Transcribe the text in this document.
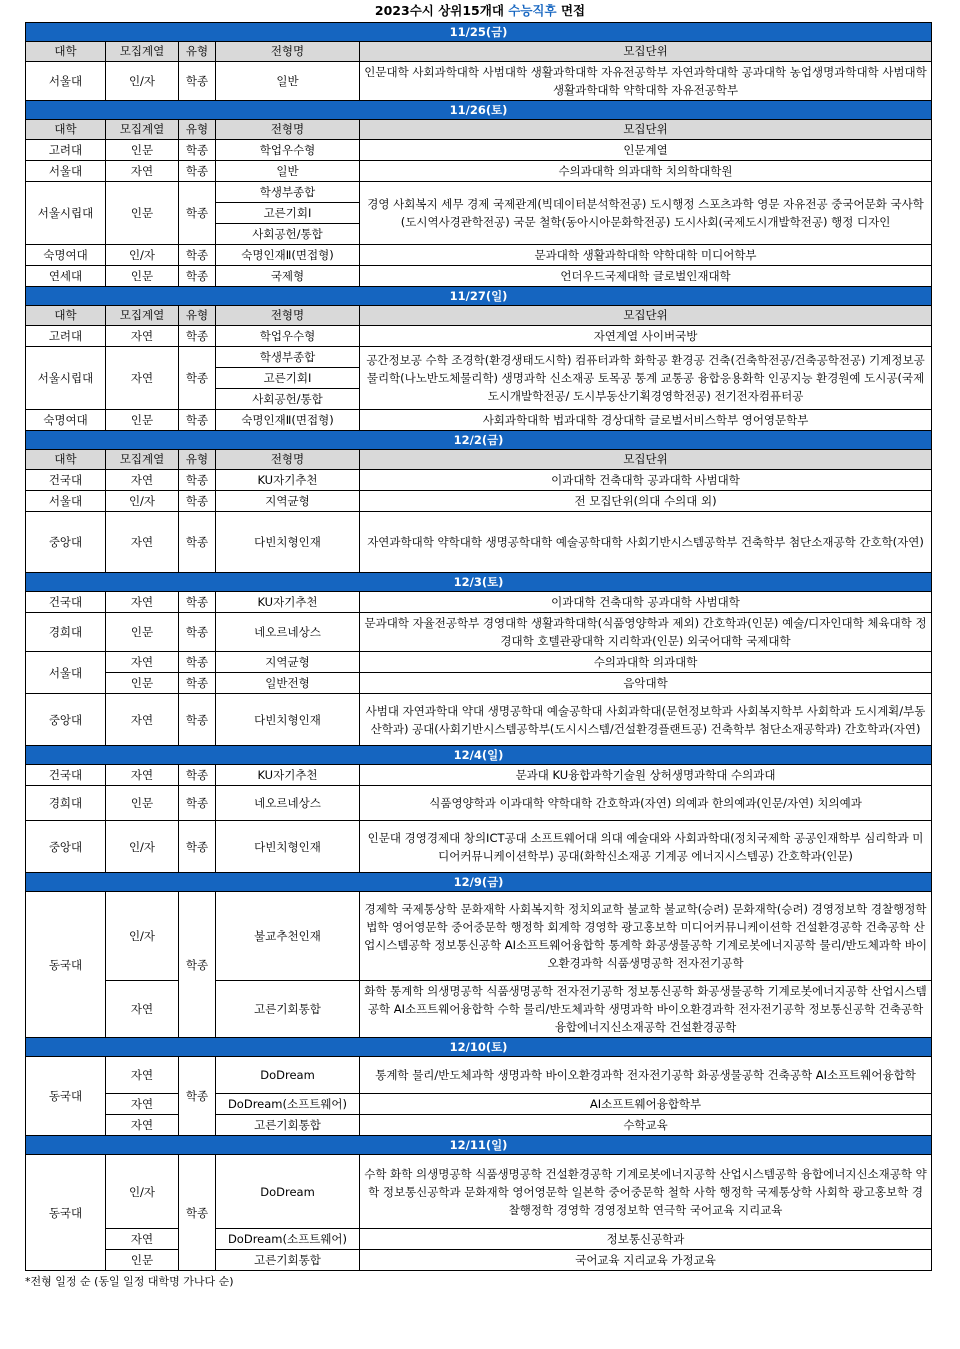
2023수시 상위15개대 수능직후 면접
11/25(금)				
대학	모집계열	유형	전형명	모집단위
서울대	인/자	학종	일반	인문대학 사회과학대학 사범대학 생활과학대학 자유전공학부 자연과학대학 공과대학 농업생명과학대학 사범대학 생활과학대학 약학대학 자유전공학부
11/26(토)				
대학	모집계열	유형	전형명	모집단위
고려대	인문	학종	학업우수형	인문계열
서울대	자연	학종	일반	수의과대학 의과대학 치의학대학원
서울시립대	인문	학종	학생부종합	경영 사회복지 세무 경제 국제관계(빅데이터분석학전공) 도시행정 스포츠과학 영문 자유전공 중국어문화 국사학(도시역사경관학전공) 국문 철학(동아시아문화학전공) 도시사회(국제도시개발학전공) 행정 디자인
			고른기회Ⅰ	
			사회공헌/통합	
숙명여대	인/자	학종	숙명인재Ⅱ(면접형)	문과대학 생활과학대학 약학대학 미디어학부
연세대	인문	학종	국제형	언더우드국제대학 글로벌인재대학
11/27(일)				
대학	모집계열	유형	전형명	모집단위
고려대	자연	학종	학업우수형	자연계열 사이버국방
서울시립대	자연	학종	학생부종합	공간정보공 수학 조경학(환경생태도시학) 컴퓨터과학 화학공 환경공 건축(건축학전공/건축공학전공) 기계정보공 물리학(나노반도체물리학) 생명과학 신소재공 토목공 통계 교통공 융합응용화학 인공지능 환경원예 도시공(국제도시개발학전공/ 도시부동산기획경영학전공) 전기전자컴퓨터공
			고른기회Ⅰ	
			사회공헌/통합	
숙명여대	인문	학종	숙명인재Ⅱ(면접형)	사회과학대학 법과대학 경상대학 글로벌서비스학부 영어영문학부
12/2(금)				
대학	모집계열	유형	전형명	모집단위
건국대	자연	학종	KU자기추천	이과대학 건축대학 공과대학 사범대학
서울대	인/자	학종	지역균형	전 모집단위(의대 수의대 외)
중앙대	자연	학종	다빈치형인재	자연과학대학 약학대학 생명공학대학 예술공학대학 사회기반시스템공학부 건축학부 첨단소재공학 간호학(자연)
12/3(토)				
건국대	자연	학종	KU자기추천	이과대학 건축대학 공과대학 사범대학
경희대	인문	학종	네오르네상스	문과대학 자율전공학부 경영대학 생활과학대학(식품영양학과 제외) 간호학과(인문) 예술/디자인대학 체육대학 정경대학 호텔관광대학 지리학과(인문) 외국어대학 국제대학
서울대	자연	학종	지역균형	수의과대학 의과대학
	인문	학종	일반전형	음악대학
중앙대	자연	학종	다빈치형인재	사범대 자연과학대 약대 생명공학대 예술공학대 사회과학대(문헌정보학과 사회복지학부 사회학과 도시계획/부동산학과) 공대(사회기반시스템공학부(도시시스템/건설환경플랜트공) 건축학부 첨단소재공학과) 간호학과(자연)
12/4(일)				
건국대	자연	학종	KU자기추천	문과대 KU융합과학기술원 상허생명과학대 수의과대
경희대	인문	학종	네오르네상스	식품영양학과 이과대학 약학대학 간호학과(자연) 의예과 한의예과(인문/자연) 치의예과
중앙대	인/자	학종	다빈치형인재	인문대 경영경제대 창의ICT공대 소프트웨어대 의대 예술대와 사회과학대(정치국제학 공공인재학부 심리학과 미디어커뮤니케이션학부) 공대(화학신소재공 기계공 에너지시스템공) 간호학과(인문)
12/9(금)				
동국대	인/자	학종	불교추천인재	경제학 국제통상학 문화재학 사회복지학 정치외교학 불교학 불교학(승려) 문화재학(승려) 경영정보학 경찰행정학 법학 영어영문학 중어중문학 행정학 회계학 경영학 광고홍보학 미디어커뮤니케이션학 건설환경공학 건축공학 산업시스템공학 정보통신공학 AI소프트웨어융합학 통계학 화공생물공학 기계로봇에너지공학 물리/반도체과학 바이오환경과학 식품생명공학 전자전기공학
	자연		고른기회통합	화학 통계학 의생명공학 식품생명공학 전자전기공학 정보통신공학 화공생물공학 기계로봇에너지공학 산업시스템공학 AI소프트웨어융합학 수학 물리/반도체과학 생명과학 바이오환경과학 전자전기공학 정보통신공학 건축공학 융합에너지신소재공학 건설환경공학
12/10(토)				
동국대	자연	학종	DoDream	통계학 물리/반도체과학 생명과학 바이오환경과학 전자전기공학 화공생물공학 건축공학 AI소프트웨어융합학
	자연		DoDream(소프트웨어)	AI소프트웨어융합학부
	자연		고른기회통합	수학교육
12/11(일)				
동국대	인/자	학종	DoDream	수학 화학 의생명공학 식품생명공학 건설환경공학 기계로봇에너지공학 산업시스템공학 융합에너지신소재공학 약학 정보통신공학과 문화재학 영어영문학 일본학 중어중문학 철학 사학 행정학 국제통상학 사회학 광고홍보학 경찰행정학 경영학 경영정보학 연극학 국어교육 지리교육
	자연		DoDream(소프트웨어)	정보통신공학과
	인문		고른기회통합	국어교육 지리교육 가정교육
*전형 일정 순 (동일 일정 대학명 가나다 순)
